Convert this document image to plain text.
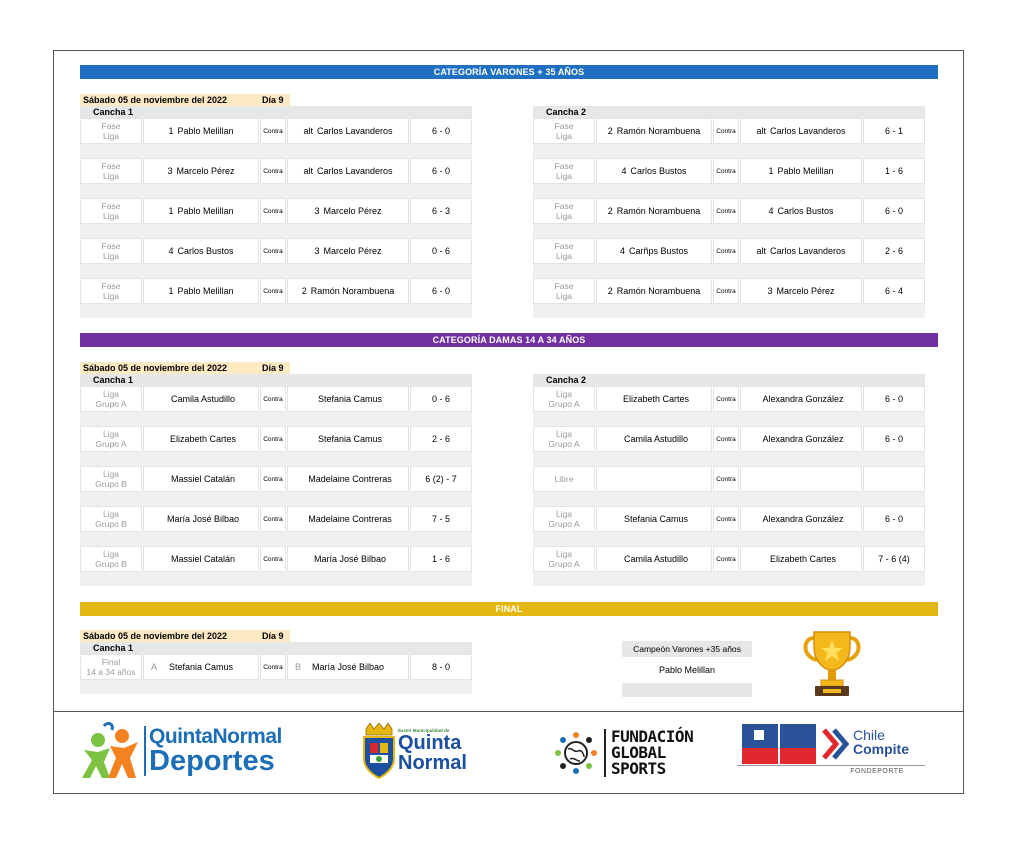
CATEGORÍA VARONES + 35 AÑOS
Sábado 05 de noviembre del 2022	Día 9
Cancha 1
Fase
Liga	1 Pablo Melillan	Contra	alt Carlos Lavanderos	6 - 0
Fase
Liga	3 Marcelo Pérez	Contra	alt Carlos Lavanderos	6 - 0
Fase
Liga	1 Pablo Melillan	Contra	3 Marcelo Pérez	6 - 3
Fase
Liga	4 Carlos Bustos	Contra	3 Marcelo Pérez	0 - 6
Fase
Liga	1 Pablo Melillan	Contra	2 Ramón Norambuena	6 - 0
Cancha 2
Fase
Liga	2 Ramón Norambuena	Contra	alt Carlos Lavanderos	6 - 1
Fase
Liga	4 Carlos Bustos	Contra	1 Pablo Melillan	1 - 6
Fase
Liga	2 Ramón Norambuena	Contra	4 Carlos Bustos	6 - 0
Fase
Liga	4 Carñps Bustos	Contra	alt Carlos Lavanderos	2 - 6
Fase
Liga	2 Ramón Norambuena	Contra	3 Marcelo Pérez	6 - 4
CATEGORÍA DAMAS 14 A 34 AÑOS
Sábado 05 de noviembre del 2022	Día 9
Cancha 1
Liga
Grupo A	Camila Astudillo	Contra	Stefania Camus	0 - 6
Liga
Grupo A	Elizabeth Cartes	Contra	Stefania Camus	2 - 6
Liga
Grupo B	Massiel Catalán	Contra	Madelaine Contreras	6 (2) - 7
Liga
Grupo B	María José Bilbao	Contra	Madelaine Contreras	7 - 5
Liga
Grupo B	Massiel Catalán	Contra	María José Bilbao	1 - 6
Cancha 2
Liga
Grupo A	Elizabeth Cartes	Contra	Alexandra González	6 - 0
Liga
Grupo A	Camila Astudillo	Contra	Alexandra González	6 - 0
Libre	Contra
Liga
Grupo A	Stefania Camus	Contra	Alexandra González	6 - 0
Liga
Grupo A	Camila Astudillo	Contra	Elizabeth Cartes	7 - 6 (4)
FINAL
Sábado 05 de noviembre del 2022	Día 9
Cancha 1
Final
14 a 34 años	A Stefania Camus	Contra	B María José Bilbao	8 - 0
Campeón Varones +35 años
Pablo Melillan
QuintaNormal
Deportes
Ilustre Municipalidad de
Quinta
Normal
FUNDACIÓN
GLOBAL
SPORTS
Chile
Compite
FONDEPORTE
